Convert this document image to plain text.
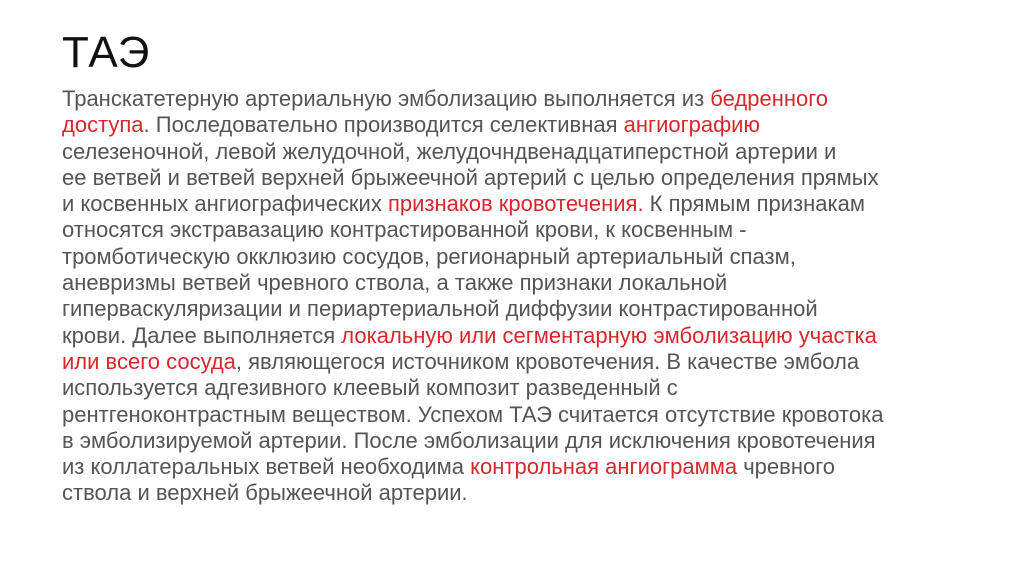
ТАЭ
Транскатетерную артериальную эмболизацию выполняется из бедренного
доступа. Последовательно производится селективная ангиографию
селезеночной, левой желудочной, желудочндвенадцатиперстной артерии и
ее ветвей и ветвей верхней брыжеечной артерий с целью определения прямых
и косвенных ангиографических признаков кровотечения. К прямым признакам
относятся экстравазацию контрастированной крови, к косвенным -
тромботическую окклюзию сосудов, регионарный артериальный спазм,
аневризмы ветвей чревного ствола, а также признаки локальной
гиперваскуляризации и периартериальной диффузии контрастированной
крови. Далее выполняется локальную или сегментарную эмболизацию участка
или всего сосуда, являющегося источником кровотечения. В качестве эмбола
используется адгезивного клеевый композит разведенный с
рентгеноконтрастным веществом. Успехом ТАЭ считается отсутствие кровотока
в эмболизируемой артерии. После эмболизации для исключения кровотечения
из коллатеральных ветвей необходима контрольная ангиограмма чревного
ствола и верхней брыжеечной артерии.
